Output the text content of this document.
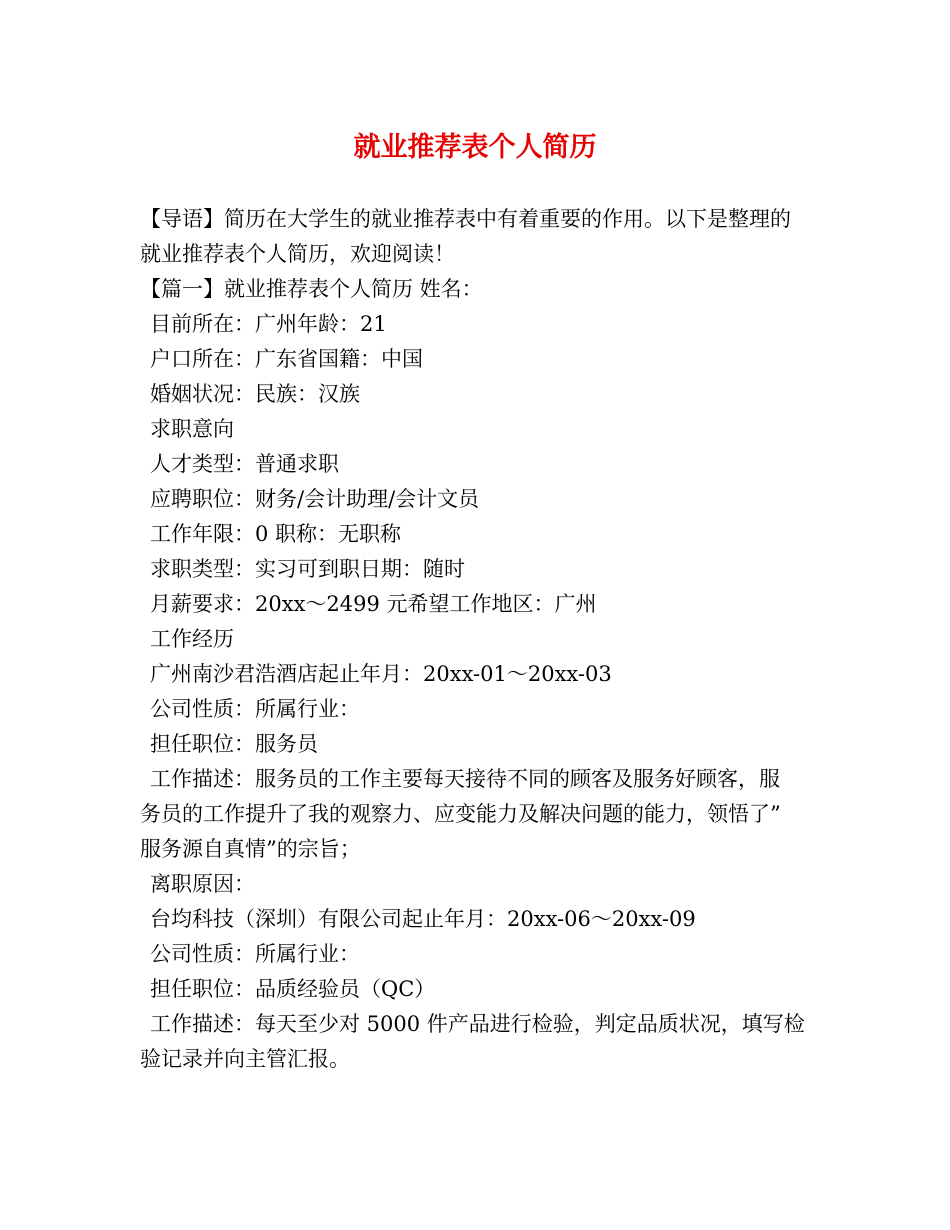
就业推荐表个人简历

【导语】简历在大学生的就业推荐表中有着重要的作用。以下是整理的

就业推荐表个人简历，欢迎阅读！

【篇一】就业推荐表个人简历 姓名：

目前所在：广州年龄：21

户口所在：广东省国籍：中国

婚姻状况：民族：汉族

求职意向

人才类型：普通求职

应聘职位：财务/会计助理/会计文员

工作年限：0 职称：无职称

求职类型：实习可到职日期：随时

月薪要求：20xx～2499 元希望工作地区：广州

工作经历

广州南沙君浩酒店起止年月：20xx-01～20xx-03

公司性质：所属行业：

担任职位：服务员

工作描述：服务员的工作主要每天接待不同的顾客及服务好顾客，服

务员的工作提升了我的观察力、应变能力及解决问题的能力，领悟了”

服务源自真情”的宗旨；

离职原因：

台均科技（深圳）有限公司起止年月：20xx-06～20xx-09

公司性质：所属行业：

担任职位：品质经验员（QC）

工作描述：每天至少对 5000 件产品进行检验，判定品质状况，填写检

验记录并向主管汇报。
